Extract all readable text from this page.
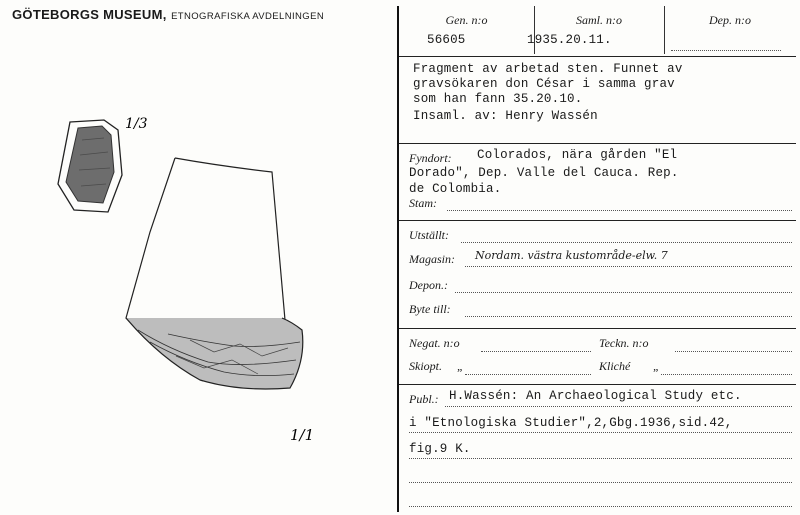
GÖTEBORGS MUSEUM, ETNOGRAFISKA AVDELNINGEN
1/3
1/1
Gen. n:o	Saml. n:o	Dep. n:o
56605	1935.20.11.
Fragment av arbetad sten. Funnet av
gravsökaren don César i samma grav
som han fann 35.20.10.
Insaml. av: Henry Wassén
Fyndort: Colorados, nära gården "El
Dorado", Dep. Valle del Cauca. Rep.
de Colombia.
Stam:
Utställt:
Magasin: Nordam. västra kustområde-elw. 7
Depon.:
Byte till:
Negat. n:o	Teckn. n:o
Skiopt. „	Kliché „
Publ.: H.Wassén: An Archaeological Study etc.
i "Etnologiska Studier",2,Gbg.1936,sid.42,
fig.9 K.
